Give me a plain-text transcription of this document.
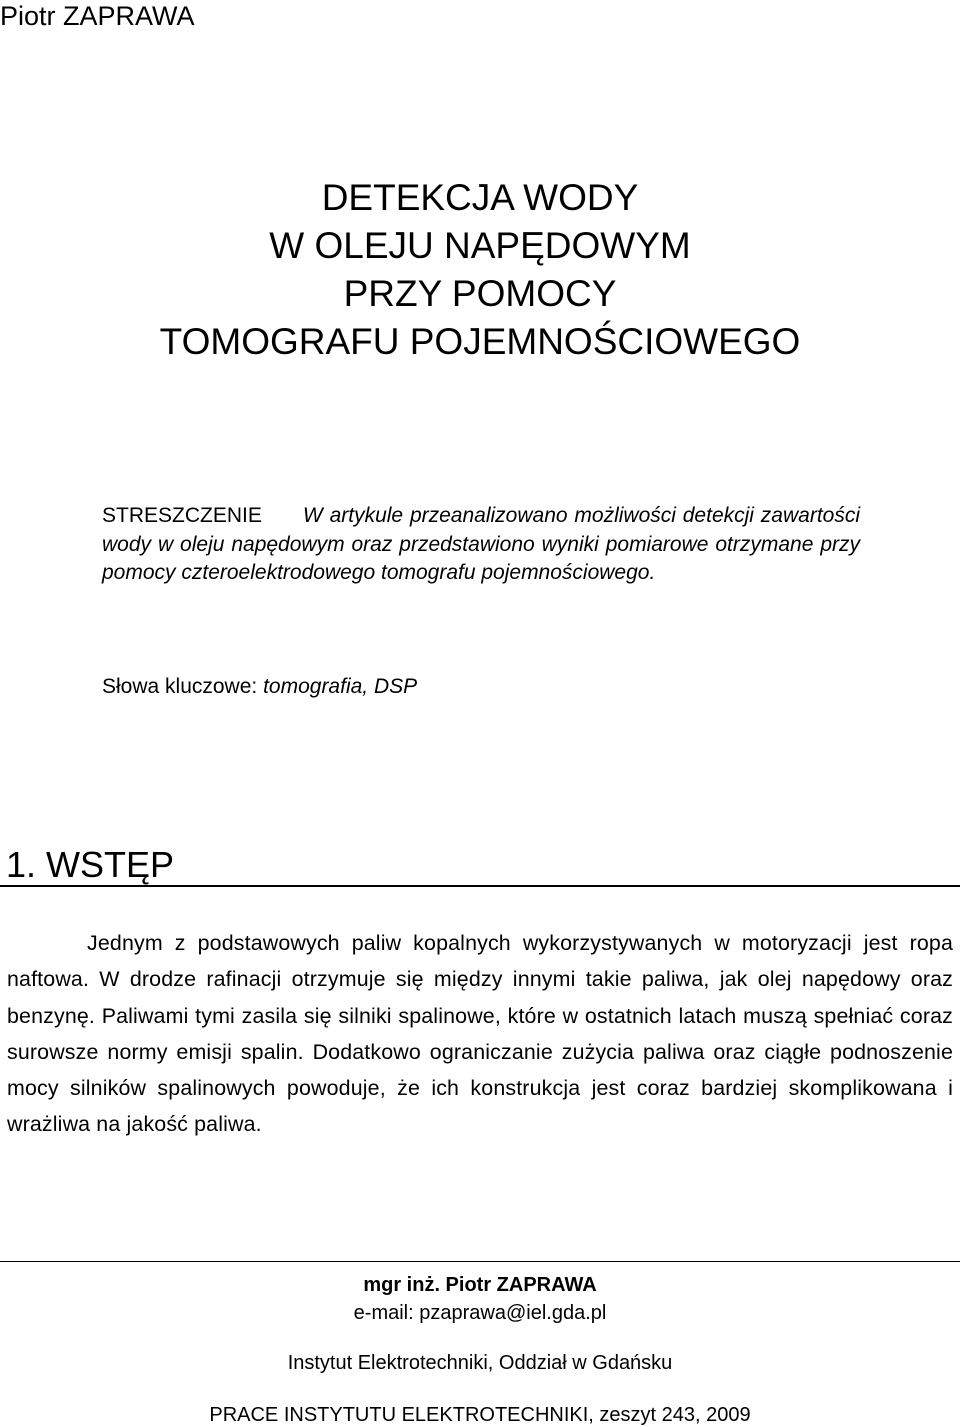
Piotr ZAPRAWA
DETEKCJA WODY
W OLEJU NAPĘDOWYM
PRZY POMOCY
TOMOGRAFU POJEMNOŚCIOWEGO

STRESZCZENIE W artykule przeanalizowano możliwości detekcji zawartości wody w oleju napędowym oraz przedstawiono wyniki pomiarowe otrzymane przy pomocy czteroelektrodowego tomografu pojemnościowego.

Słowa kluczowe: tomografia, DSP
1. WSTĘP

Jednym z podstawowych paliw kopalnych wykorzystywanych w motoryzacji jest ropa naftowa. W drodze rafinacji otrzymuje się między innymi takie paliwa, jak olej napędowy oraz benzynę. Paliwami tymi zasila się silniki spalinowe, które w ostatnich latach muszą spełniać coraz surowsze normy emisji spalin. Dodatkowo ograniczanie zużycia paliwa oraz ciągłe podnoszenie mocy silników spalinowych powoduje, że ich konstrukcja jest coraz bardziej skomplikowana i wrażliwa na jakość paliwa.

mgr inż. Piotr ZAPRAWA
e-mail: pzaprawa@iel.gda.pl
Instytut Elektrotechniki, Oddział w Gdańsku
PRACE INSTYTUTU ELEKTROTECHNIKI, zeszyt 243, 2009
